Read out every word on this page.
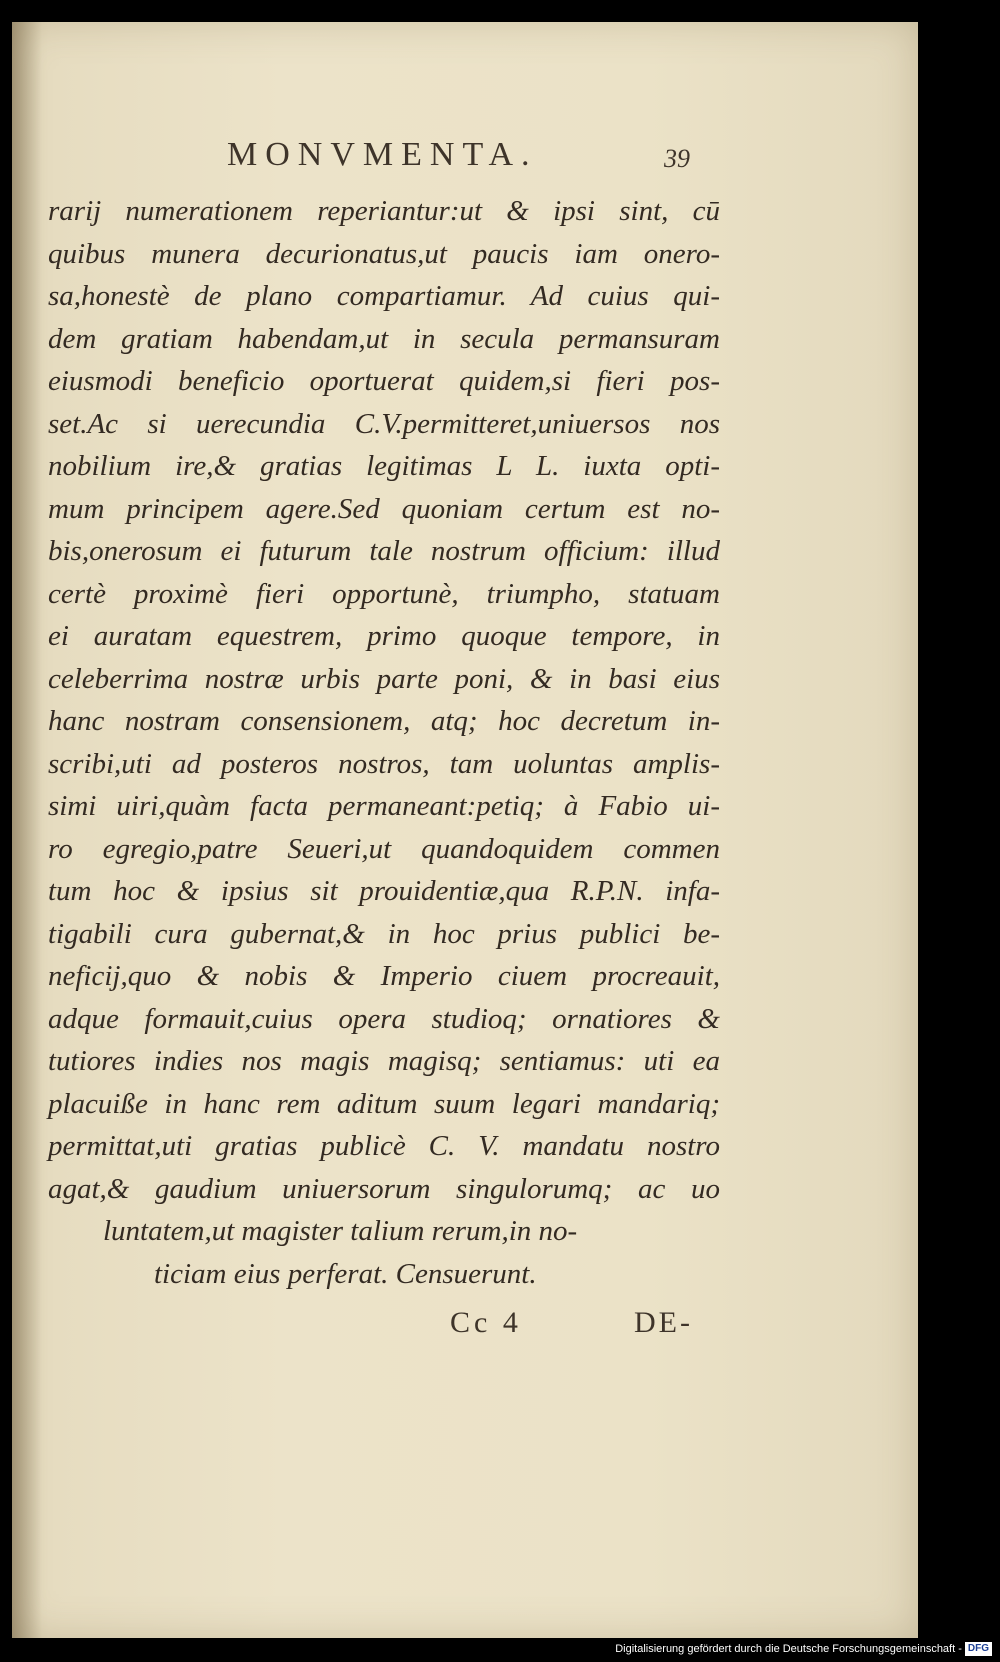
MONVMENTA.	39
rarij numerationem reperiantur:ut & ipsi sint, cū
quibus munera decurionatus,ut paucis iam onero-
sa,honestè de plano compartiamur. Ad cuius qui-
dem gratiam habendam,ut in secula permansuram
eiusmodi beneficio oportuerat quidem,si fieri pos-
set.Ac si uerecundia C.V.permitteret,uniuersos nos
nobilium ire,& gratias legitimas L L. iuxta opti-
mum principem agere.Sed quoniam certum est no-
bis,onerosum ei futurum tale nostrum officium: illud
certè proximè fieri opportunè, triumpho, statuam
ei auratam equestrem, primo quoque tempore, in
celeberrima nostræ urbis parte poni, & in basi eius
hanc nostram consensionem, atq; hoc decretum in-
scribi,uti ad posteros nostros, tam uoluntas amplis-
simi uiri,quàm facta permaneant:petiq; à Fabio ui-
ro egregio,patre Seueri,ut quandoquidem commen
tum hoc & ipsius sit prouidentiæ,qua R.P.N. infa-
tigabili cura gubernat,& in hoc prius publici be-
neficij,quo & nobis & Imperio ciuem procreauit,
adque formauit,cuius opera studioq; ornatiores &
tutiores indies nos magis magisq; sentiamus: uti ea
placuiße in hanc rem aditum suum legari mandariq;
permittat,uti gratias publicè C. V. mandatu nostro
agat,& gaudium uniuersorum singulorumq; ac uo
luntatem,ut magister talium rerum,in no-
ticiam eius perferat. Censuerunt.
Cc 4	DE-
Digitalisierung gefördert durch die Deutsche Forschungsgemeinschaft - DFG
